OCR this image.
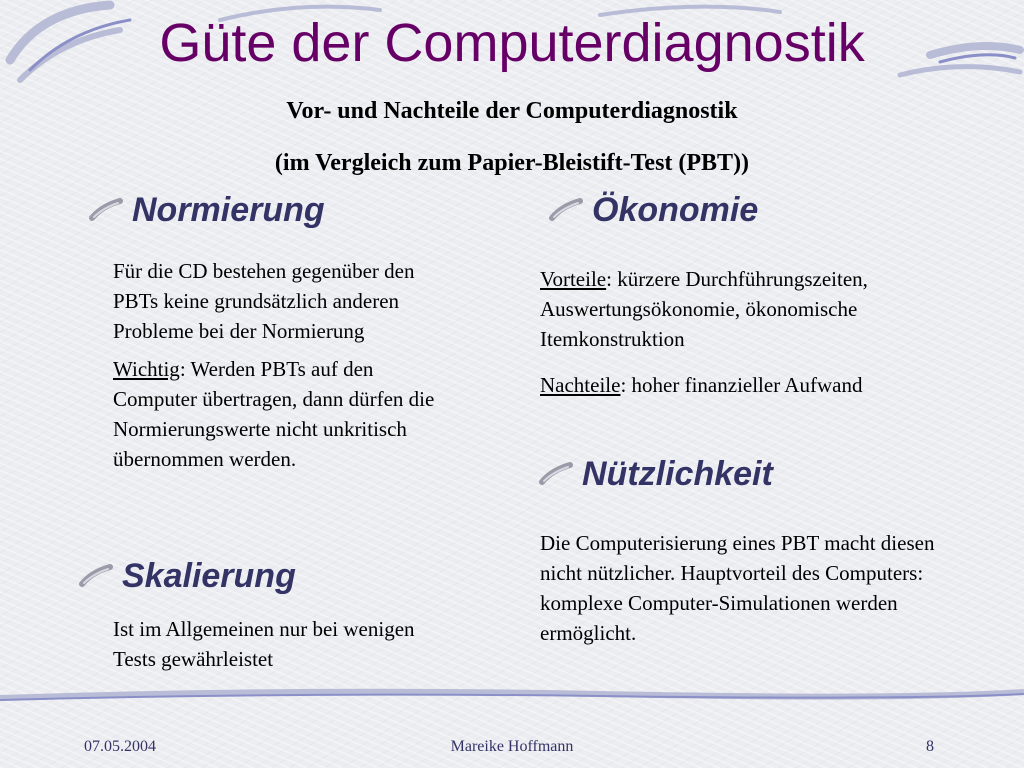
Güte der Computerdiagnostik
Vor- und Nachteile der Computerdiagnostik
(im Vergleich zum Papier-Bleistift-Test (PBT))
Normierung

Für die CD bestehen gegenüber den PBTs keine grundsätzlich anderen Probleme bei der Normierung

Wichtig: Werden PBTs auf den Computer übertragen, dann dürfen die Normierungswerte nicht unkritisch übernommen werden.

Skalierung
Ist im Allgemeinen nur bei wenigen Tests gewährleistet
Ökonomie

Vorteile: kürzere Durchführungszeiten, Auswertungsökonomie, ökonomische Itemkonstruktion

Nachteile: hoher finanzieller Aufwand

Nützlichkeit
Die Computerisierung eines PBT macht diesen nicht nützlicher. Hauptvorteil des Computers: komplexe Computer-Simulationen werden ermöglicht.
07.05.2004	Mareike Hoffmann	8
